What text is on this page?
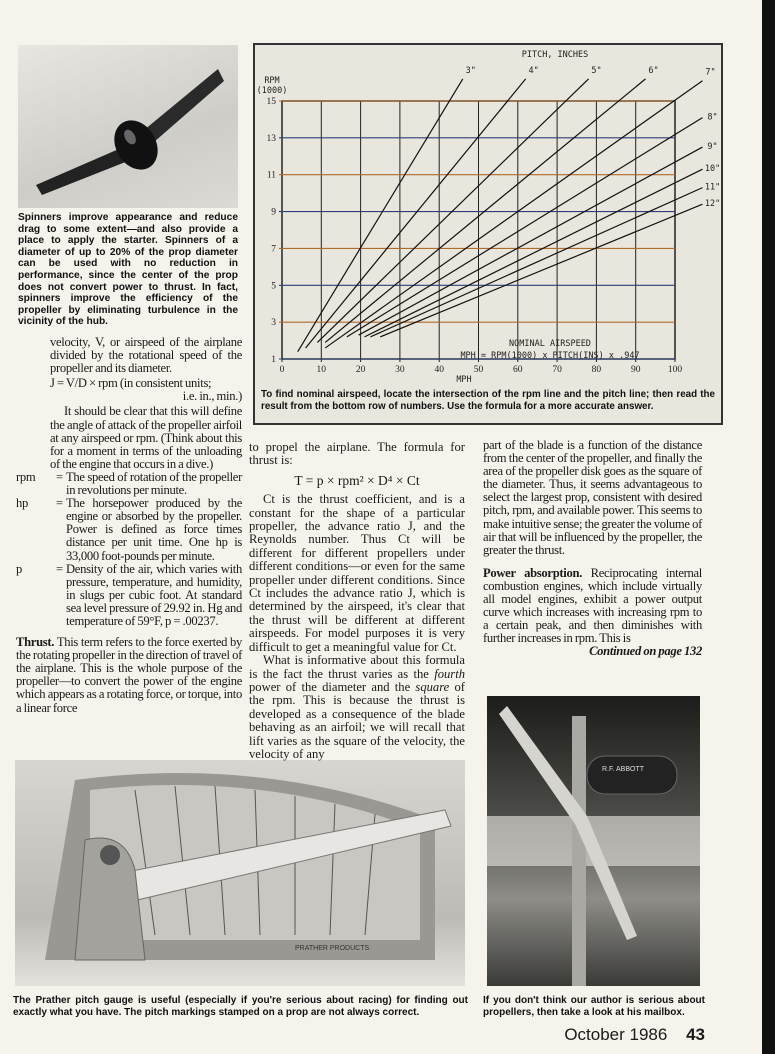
Spinners improve appearance and reduce drag to some extent—and also provide a place to apply the starter. Spinners of a diameter of up to 20% of the prop diameter can be used with no reduction in performance, since the center of the prop does not convert power to thrust. In fact, spinners improve the efficiency of the propeller by eliminating turbulence in the vicinity of the hub.
PITCH, INCHES
RPM (1000)
MPH
0	10	20	30	40	50	60	70	80	90	100
1
3
5
7
9
11
13
15
3"	4"	5"	6"	7"
8"
9"
10"
11"
12"
NOMINAL AIRSPEED
MPH = RPM(1000) x PITCH(INS) x .947
To find nominal airspeed, locate the intersection of the rpm line and the pitch line; then read the result from the bottom row of numbers. Use the formula for a more accurate answer.

velocity, V, or airspeed of the airplane divided by the rotational speed of the propeller and its diameter.

J = V/D × rpm (in consistent units;

i.e. in., min.)

It should be clear that this will define the angle of attack of the propeller airfoil at any airspeed or rpm. (Think about this for a moment in terms of the unloading of the engine that occurs in a dive.)

rpm	= The speed of rotation of the propeller in revolutions per minute.
hp	= The horsepower produced by the engine or absorbed by the propeller. Power is defined as force times distance per unit time. One hp is 33,000 foot-pounds per minute.
p	= Density of the air, which varies with pressure, temperature, and humidity, in slugs per cubic foot. At standard sea level pressure of 29.92 in. Hg and temperature of 59°F, p = .00237.

Thrust. This term refers to the force exerted by the rotating propeller in the direction of travel of the airplane. This is the whole purpose of the propeller—to convert the power of the engine which appears as a rotating force, or torque, into a linear force

to propel the airplane. The formula for thrust is:

T = p × rpm² × D⁴ × Ct

Ct is the thrust coefficient, and is a constant for the shape of a particular propeller, the advance ratio J, and the Reynolds number. Thus Ct will be different for different propellers under different conditions—or even for the same propeller under different conditions. Since Ct includes the advance ratio J, which is determined by the airspeed, it's clear that the thrust will be different at different airspeeds. For model purposes it is very difficult to get a meaningful value for Ct.

What is informative about this formula is the fact the thrust varies as the fourth power of the diameter and the square of the rpm. This is because the thrust is developed as a consequence of the blade behaving as an airfoil; we will recall that lift varies as the square of the velocity, the velocity of any

part of the blade is a function of the distance from the center of the propeller, and finally the area of the propeller disk goes as the square of the diameter. Thus, it seems advantageous to select the largest prop, consistent with desired pitch, rpm, and available power. This seems to make intuitive sense; the greater the volume of air that will be influenced by the propeller, the greater the thrust.

Power absorption. Reciprocating internal combustion engines, which include virtually all model engines, exhibit a power output curve which increases with increasing rpm to a certain peak, and then diminishes with further increases in rpm. This is

Continued on page 132

PRATHER PRODUCTS
The Prather pitch gauge is useful (especially if you're serious about racing) for finding out exactly what you have. The pitch markings stamped on a prop are not always correct.
R.F. ABBOTT
If you don't think our author is serious about propellers, then take a look at his mailbox.
October 1986 43
